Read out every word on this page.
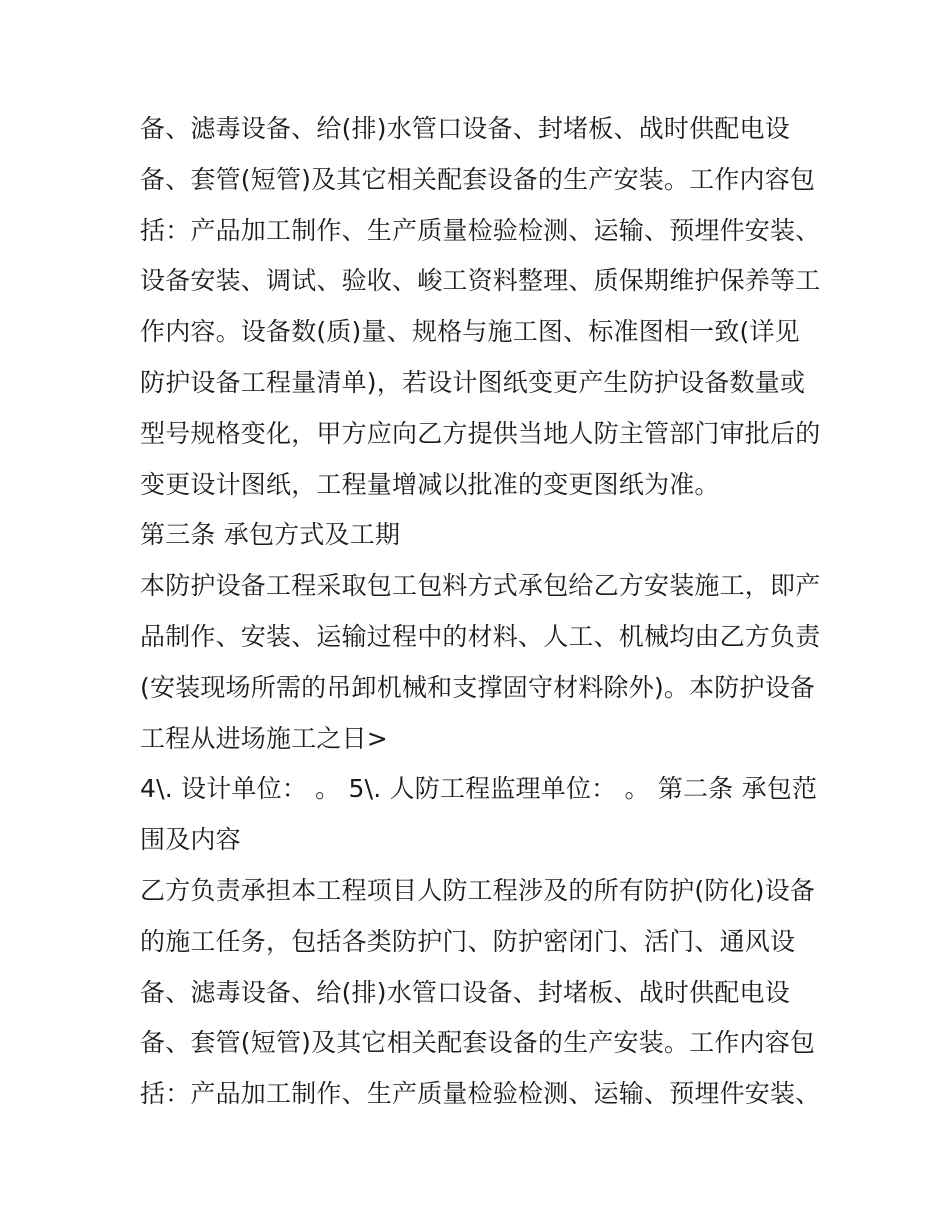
备、滤毒设备、给(排)水管口设备、封堵板、战时供配电设
备、套管(短管)及其它相关配套设备的生产安装。工作内容包
括：产品加工制作、生产质量检验检测、运输、预埋件安装、
设备安装、调试、验收、峻工资料整理、质保期维护保养等工
作内容。设备数(质)量、规格与施工图、标准图相一致(详见
防护设备工程量清单)，若设计图纸变更产生防护设备数量或
型号规格变化，甲方应向乙方提供当地人防主管部门审批后的
变更设计图纸，工程量增减以批准的变更图纸为准。
第三条 承包方式及工期
本防护设备工程采取包工包料方式承包给乙方安装施工，即产
品制作、安装、运输过程中的材料、人工、机械均由乙方负责
(安装现场所需的吊卸机械和支撑固守材料除外)。本防护设备
工程从进场施工之日>
4\. 设计单位： 。 5\. 人防工程监理单位： 。 第二条 承包范
围及内容
乙方负责承担本工程项目人防工程涉及的所有防护(防化)设备
的施工任务，包括各类防护门、防护密闭门、活门、通风设
备、滤毒设备、给(排)水管口设备、封堵板、战时供配电设
备、套管(短管)及其它相关配套设备的生产安装。工作内容包
括：产品加工制作、生产质量检验检测、运输、预埋件安装、
